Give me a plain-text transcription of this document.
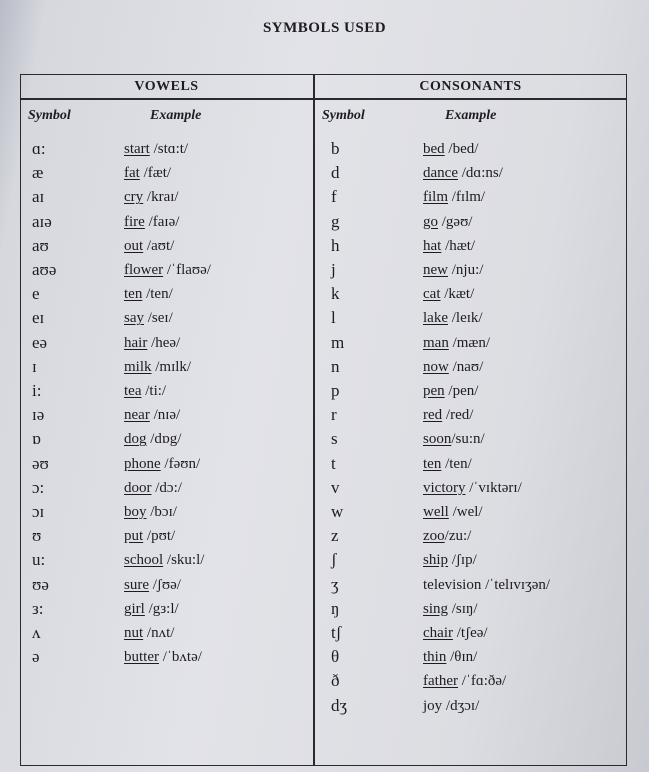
SYMBOLS USED
VOWELS	CONSONANTS
Symbol	Example	Symbol	Example
ɑ:	start /stɑ:t/
æ	fat /fæt/
aɪ	cry /kraɪ/
aɪə	fire /faɪə/
aʊ	out /aʊt/
aʊə	flower /ˈflaʊə/
e	ten /ten/
eɪ	say /seɪ/
eə	hair /heə/
ɪ	milk /mɪlk/
i:	tea /ti:/
ɪə	near /nɪə/
ɒ	dog /dɒg/
əʊ	phone /fəʊn/
ɔ:	door /dɔ:/
ɔɪ	boy /bɔɪ/
ʊ	put /pʊt/
u:	school /sku:l/
ʊə	sure /ʃʊə/
з:	girl /gз:l/
ʌ	nut /nʌt/
ə	butter /ˈbʌtə/
b	bed /bed/
d	dance /dɑ:ns/
f	film /fɪlm/
g	go /gəʊ/
h	hat /hæt/
j	new /nju:/
k	cat /kæt/
l	lake /leɪk/
m	man /mæn/
n	now /naʊ/
p	pen /pen/
r	red /red/
s	soon/su:n/
t	ten /ten/
v	victory /ˈvɪktərɪ/
w	well /wel/
z	zoo/zu:/
ʃ	ship /ʃɪp/
ʒ	television /ˈtelɪvɪʒən/
ŋ	sing /sɪŋ/
tʃ	chair /tʃeə/
θ	thin /θɪn/
ð	father /ˈfɑ:ðə/
dʒ	joy /dʒɔɪ/
